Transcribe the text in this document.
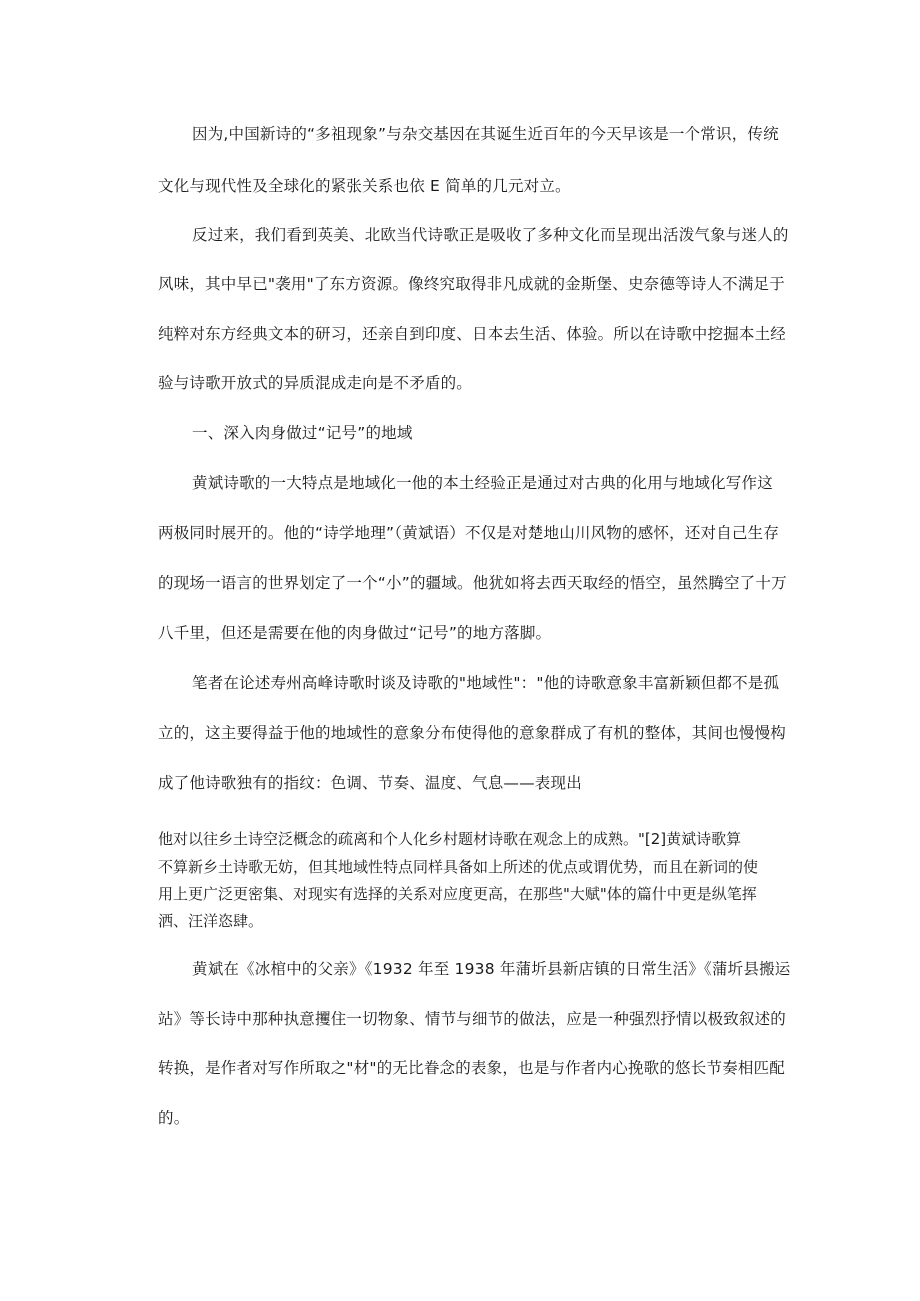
因为,中国新诗的“多祖现象”与杂交基因在其诞生近百年的今天早该是一个常识，传统
文化与现代性及全球化的紧张关系也依 E 简单的几元对立。
反过来，我们看到英美、北欧当代诗歌正是吸收了多种文化而呈现出活泼气象与迷人的
风味，其中早已"袭用"了东方资源。像终究取得非凡成就的金斯堡、史奈德等诗人不满足于
纯粹对东方经典文本的研习，还亲自到印度、日本去生活、体验。所以在诗歌中挖掘本土经
验与诗歌开放式的异质混成走向是不矛盾的。
一、深入肉身做过“记号”的地域
黄斌诗歌的一大特点是地域化一他的本土经验正是通过对古典的化用与地域化写作这
两极同时展开的。他的“诗学地理”（黄斌语）不仅是对楚地山川风物的感怀，还对自己生存
的现场一语言的世界划定了一个“小”的疆域。他犹如将去西天取经的悟空，虽然腾空了十万
八千里，但还是需要在他的肉身做过“记号”的地方落脚。
笔者在论述寿州高峰诗歌时谈及诗歌的"地域性"："他的诗歌意象丰富新颖但都不是孤
立的，这主要得益于他的地域性的意象分布使得他的意象群成了有机的整体，其间也慢慢构
成了他诗歌独有的指纹：色调、节奏、温度、气息——表现出
他对以往乡土诗空泛概念的疏离和个人化乡村题材诗歌在观念上的成熟。"[2]黄斌诗歌算
不算新乡土诗歌无妨，但其地域性特点同样具备如上所述的优点或谓优势，而且在新词的使
用上更广泛更密集、对现实有选择的关系对应度更高，在那些"大赋"体的篇什中更是纵笔挥
洒、汪洋恣肆。
黄斌在《冰棺中的父亲》《1932 年至 1938 年蒲圻县新店镇的日常生活》《蒲圻县搬运
站》等长诗中那种执意攫住一切物象、情节与细节的做法，应是一种强烈抒情以极致叙述的
转换，是作者对写作所取之"材"的无比眷念的表象，也是与作者内心挽歌的悠长节奏相匹配
的。
